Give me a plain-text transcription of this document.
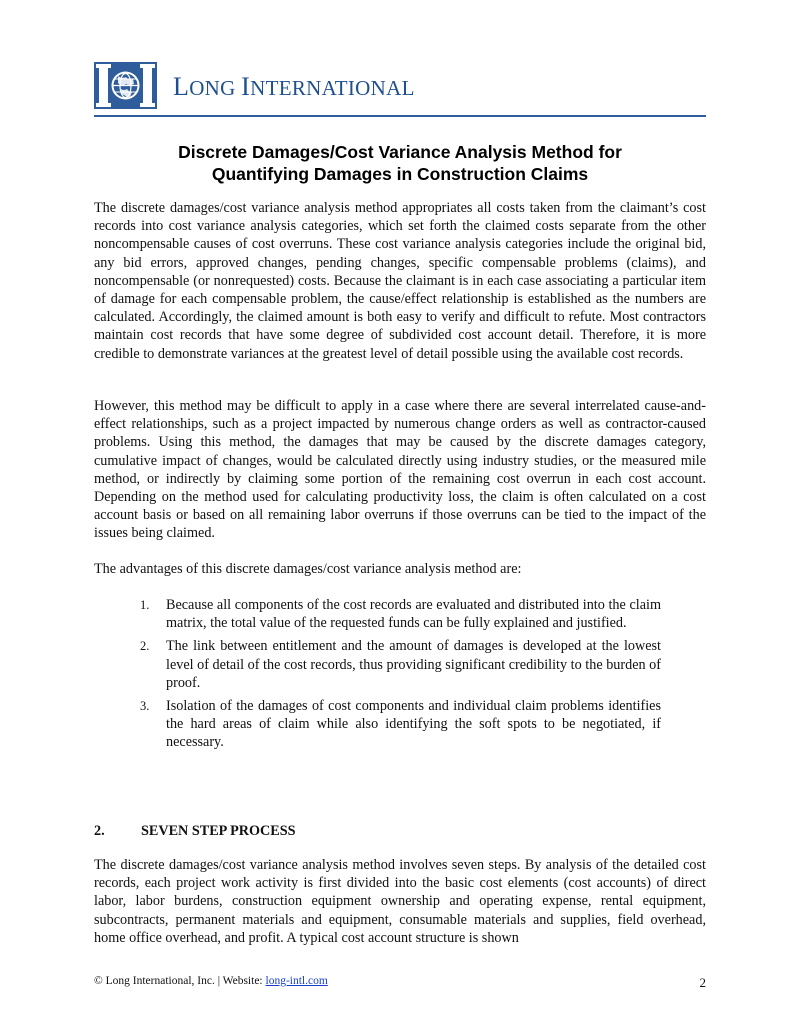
LONG INTERNATIONAL
Discrete Damages/Cost Variance Analysis Method for
Quantifying Damages in Construction Claims

The discrete damages/cost variance analysis method appropriates all costs taken from the claimant’s cost records into cost variance analysis categories, which set forth the claimed costs separate from the other noncompensable causes of cost overruns. These cost variance analysis categories include the original bid, any bid errors, approved changes, pending changes, specific compensable problems (claims), and noncompensable (or nonrequested) costs. Because the claimant is in each case associating a particular item of damage for each compensable problem, the cause/effect relationship is established as the numbers are calculated. Accordingly, the claimed amount is both easy to verify and difficult to refute. Most contractors maintain cost records that have some degree of subdivided cost account detail. Therefore, it is more credible to demonstrate variances at the greatest level of detail possible using the available cost records.

However, this method may be difficult to apply in a case where there are several interrelated cause-and-effect relationships, such as a project impacted by numerous change orders as well as contractor-caused problems. Using this method, the damages that may be caused by the discrete damages category, cumulative impact of changes, would be calculated directly using industry studies, or the measured mile method, or indirectly by claiming some portion of the remaining cost overrun in each cost account. Depending on the method used for calculating productivity loss, the claim is often calculated on a cost account basis or based on all remaining labor overruns if those overruns can be tied to the impact of the issues being claimed.

The advantages of this discrete damages/cost variance analysis method are:

1. Because all components of the cost records are evaluated and distributed into the claim matrix, the total value of the requested funds can be fully explained and justified.
2. The link between entitlement and the amount of damages is developed at the lowest level of detail of the cost records, thus providing significant credibility to the burden of proof.
3. Isolation of the damages of cost components and individual claim problems identifies the hard areas of claim while also identifying the soft spots to be negotiated, if necessary.
2.	SEVEN STEP PROCESS

The discrete damages/cost variance analysis method involves seven steps. By analysis of the detailed cost records, each project work activity is first divided into the basic cost elements (cost accounts) of direct labor, labor burdens, construction equipment ownership and operating expense, rental equipment, subcontracts, permanent materials and equipment, consumable materials and supplies, field overhead, home office overhead, and profit. A typical cost account structure is shown

© Long International, Inc. | Website: long-intl.com	2
